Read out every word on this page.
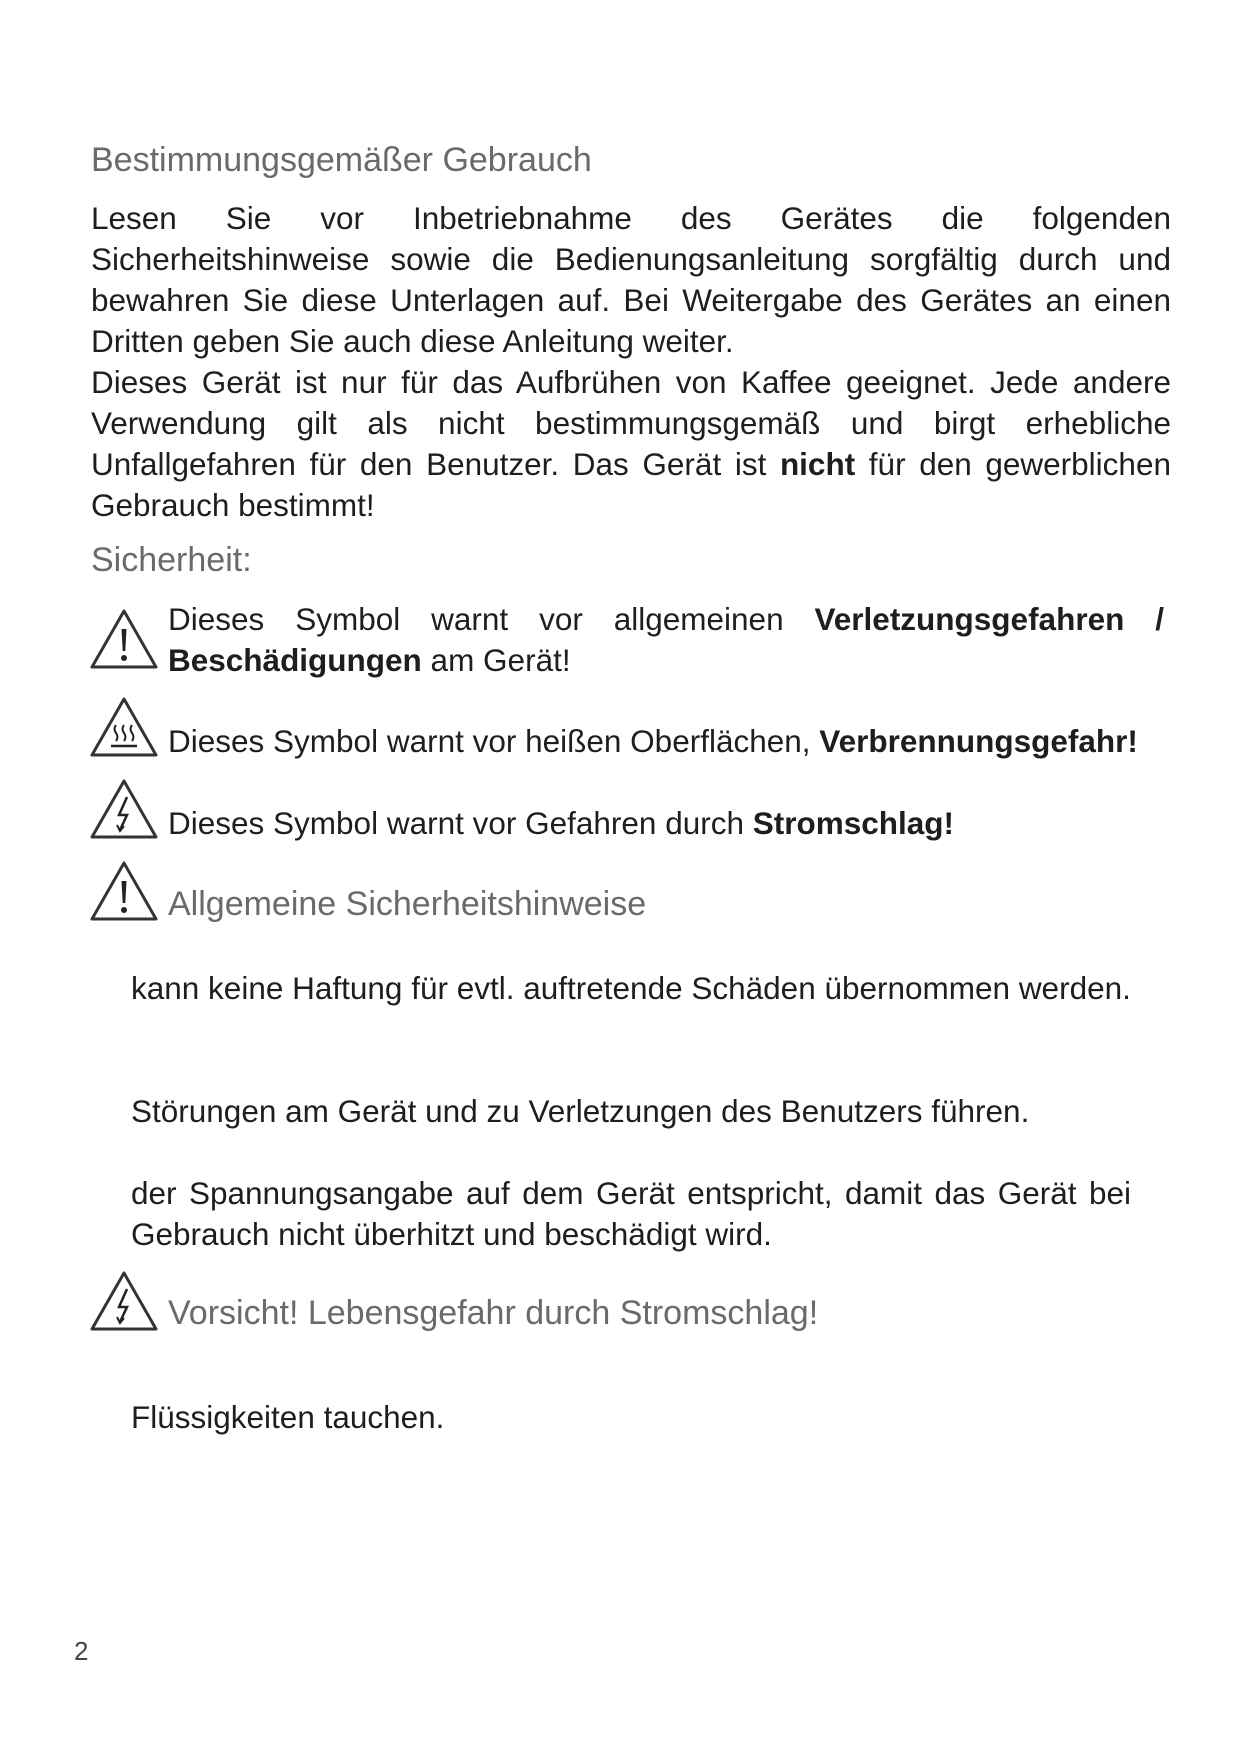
Bestimmungsgemäßer Gebrauch

Lesen Sie vor Inbetriebnahme des Gerätes die folgenden Sicherheitshinweise sowie die Bedienungsanleitung sorgfältig durch und bewahren Sie diese Unterlagen auf. Bei Weitergabe des Gerätes an einen Dritten geben Sie auch diese Anleitung weiter.

Dieses Gerät ist nur für das Aufbrühen von Kaffee geeignet. Jede andere Verwendung gilt als nicht bestimmungsgemäß und birgt erhebliche Unfallgefahren für den Benutzer. Das Gerät ist nicht für den gewerblichen Gebrauch bestimmt!

Sicherheit:
Dieses Symbol warnt vor allgemeinen Verletzungsgefahren / Beschädigungen am Gerät!
Dieses Symbol warnt vor heißen Oberflächen, Verbrennungsgefahr!
Dieses Symbol warnt vor Gefahren durch Stromschlag!
Allgemeine Sicherheitshinweise
kann keine Haftung für evtl. auftretende Schäden übernommen werden.
Störungen am Gerät und zu Verletzungen des Benutzers führen.
der Spannungsangabe auf dem Gerät entspricht, damit das Gerät bei Gebrauch nicht überhitzt und beschädigt wird.
Vorsicht! Lebensgefahr durch Stromschlag!
Flüssigkeiten tauchen.
2
